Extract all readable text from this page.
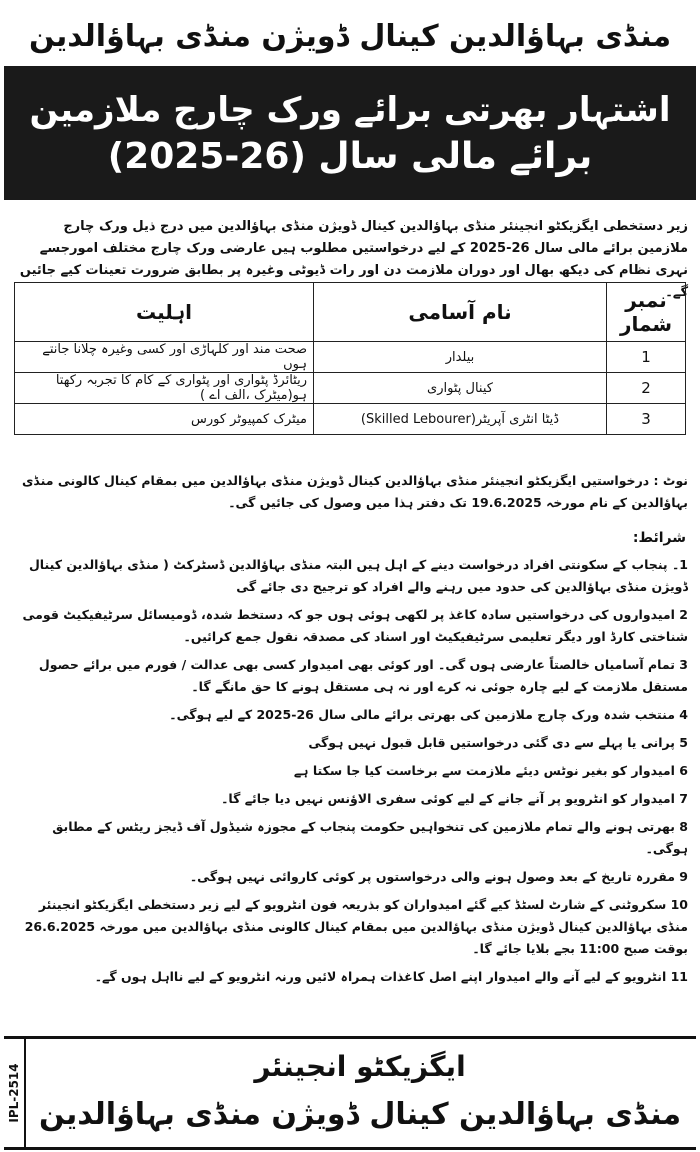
منڈی بہاؤالدین کینال ڈویژن منڈی بہاؤالدین
اشتہار بھرتی برائے ورک چارج ملازمین
برائے مالی سال (26-2025)
زیر دستخطی ایگزیکٹو انجینئر منڈی بہاؤالدین کینال ڈویژن منڈی بہاؤالدین میں درج ذیل ورک چارج ملازمین برائے مالی سال 26-2025 کے لیے درخواستیں مطلوب ہیں عارضی ورک چارج مختلف امورجسے نہری نظام کی دیکھ بھال اور دوران ملازمت دن اور رات ڈیوٹی وغیرہ پر بطابق ضرورت تعینات کیے جائیں گے۔
نمبر شمار	نام آسامی	اہلیت
1	بیلدار	صحت مند اور کلہاڑی اور کسی وغیرہ چلانا جانتے ہوں
2	کینال پٹواری	ریٹائرڈ پٹواری اور پٹواری کے کام کا تجربہ رکھتا ہو(میٹرک ،الف اے )
3	ڈیٹا انٹری آپریٹر(Skilled Lebourer)	میٹرک کمپیوٹر کورس
نوٹ : درخواستیں ایگزیکٹو انجینئر منڈی بہاؤالدین کینال ڈویژن منڈی بہاؤالدین میں بمقام کینال کالونی منڈی بہاؤالدین کے نام مورخہ 19.6.2025 تک دفتر ہذا میں وصول کی جائیں گی۔
شرائط:
1۔ پنجاب کے سکونتی افراد درخواست دینے کے اہل ہیں البتہ منڈی بہاؤالدین ڈسٹرکٹ ( منڈی بہاؤالدین کینال ڈویژن منڈی بہاؤالدین کی حدود میں رہنے والے افراد کو ترجیح دی جائے گی
2 امیدواروں کی درخواستیں سادہ کاغذ پر لکھی ہوئی ہوں جو کہ دستخط شدہ، ڈومیسائل سرٹیفیکیٹ قومی شناختی کارڈ اور دیگر تعلیمی سرٹیفیکیٹ اور اسناد کی مصدقہ نقول جمع کرائیں۔
3 تمام آسامیاں خالصتاً عارضی ہوں گی۔ اور کوئی بھی امیدوار کسی بھی عدالت / فورم میں برائے حصول مستقل ملازمت کے لیے چارہ جوئی نہ کرے اور نہ ہی مستقل ہونے کا حق مانگے گا۔
4 منتخب شدہ ورک چارج ملازمین کی بھرتی برائے مالی سال 26-2025 کے لیے ہوگی۔
5 پرانی یا پہلے سے دی گئی درخواستیں قابل قبول نہیں ہوگی
6 امیدوار کو بغیر نوٹس دیئے ملازمت سے برخاست کیا جا سکتا ہے
7 امیدوار کو انٹرویو پر آنے جانے کے لیے کوئی سفری الاؤنس نہیں دیا جائے گا۔
8 بھرتی ہونے والے تمام ملازمین کی تنخواہیں حکومت پنجاب کے مجوزہ شیڈول آف ڈیجز ریٹس کے مطابق ہوگی۔
9 مقررہ تاریخ کے بعد وصول ہونے والی درخواستوں پر کوئی کاروائی نہیں ہوگی۔
10 سکروٹنی کے شارٹ لسٹڈ کیے گئے امیدواران کو بذریعہ فون انٹرویو کے لیے زیر دستخطی ایگزیکٹو انجینئر منڈی بہاؤالدین کینال ڈویژن منڈی بہاؤالدین میں بمقام کینال کالونی منڈی بہاؤالدین میں مورخہ 26.6.2025 بوقت صبح 11:00 بجے بلایا جائے گا۔
11 انٹرویو کے لیے آنے والے امیدوار اپنے اصل کاغذات ہمراہ لائیں ورنہ انٹرویو کے لیے نااہل ہوں گے۔
IPL-2514	ایگزیکٹو انجینئر
منڈی بہاؤالدین کینال ڈویژن منڈی بہاؤالدین
